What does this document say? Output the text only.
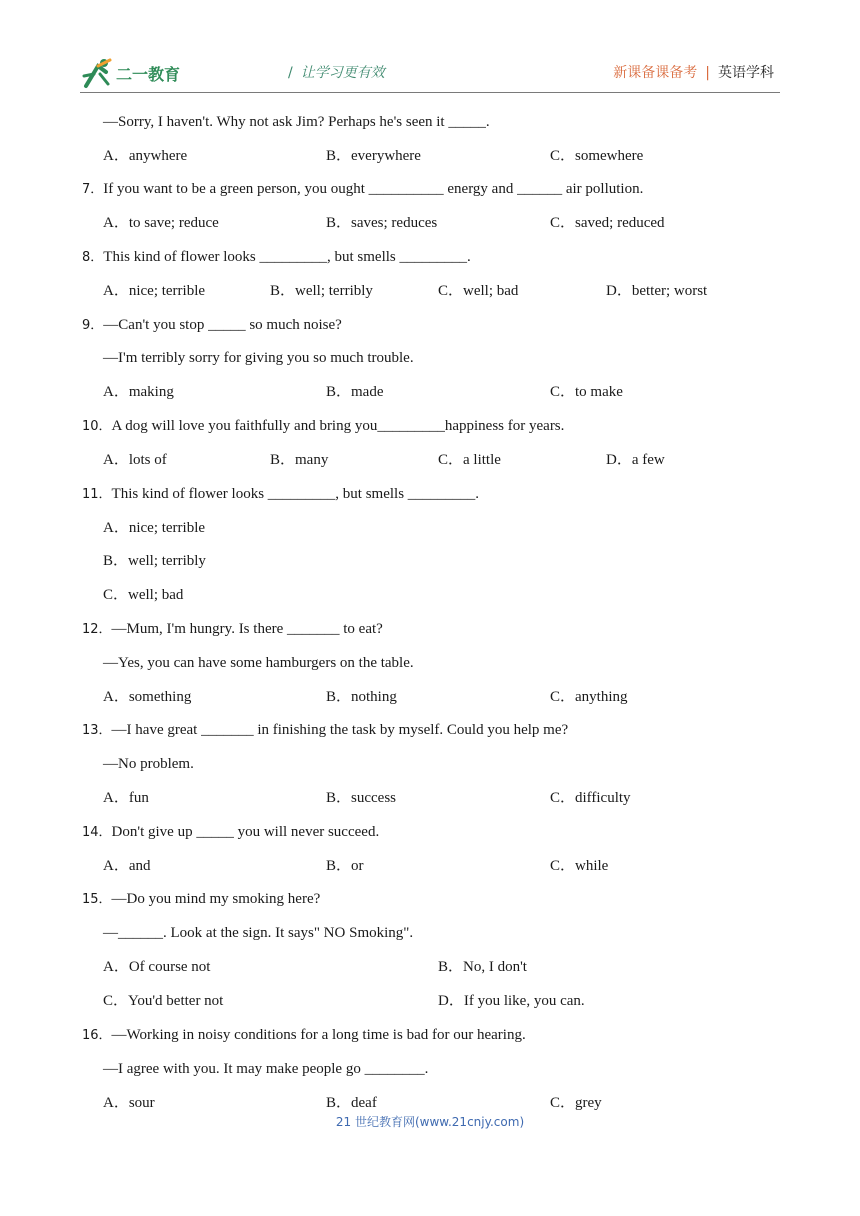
二一教育	/ 让学习更有效	新课备课备考 | 英语学科
—Sorry, I haven't. Why not ask Jim? Perhaps he's seen it _____.
A．anywhere	B．everywhere	C．somewhere
7．If you want to be a green person, you ought __________ energy and ______ air pollution.
A．to save; reduce	B．saves; reduces	C．saved; reduced
8．This kind of flower looks _________, but smells _________.
A．nice; terrible	B．well; terribly	C．well; bad	D．better; worst
9．—Can't you stop _____ so much noise?
—I'm terribly sorry for giving you so much trouble.
A．making	B．made	C．to make
10．A dog will love you faithfully and bring you_________happiness for years.
A．lots of	B．many	C．a little	D．a few
11．This kind of flower looks _________, but smells _________.
A．nice; terrible
B．well; terribly
C．well; bad
12．—Mum, I'm hungry. Is there _______ to eat?
—Yes, you can have some hamburgers on the table.
A．something	B．nothing	C．anything
13．—I have great _______ in finishing the task by myself. Could you help me?
—No problem.
A．fun	B．success	C．difficulty
14．Don't give up _____ you will never succeed.
A．and	B．or	C．while
15．—Do you mind my smoking here?
—______. Look at the sign. It says" NO Smoking".
A．Of course not	B．No, I don't
C．You'd better not	D．If you like, you can.
16．—Working in noisy conditions for a long time is bad for our hearing.
—I agree with you. It may make people go ________.
A．sour	B．deaf	C．grey
21 世纪教育网(www.21cnjy.com)
